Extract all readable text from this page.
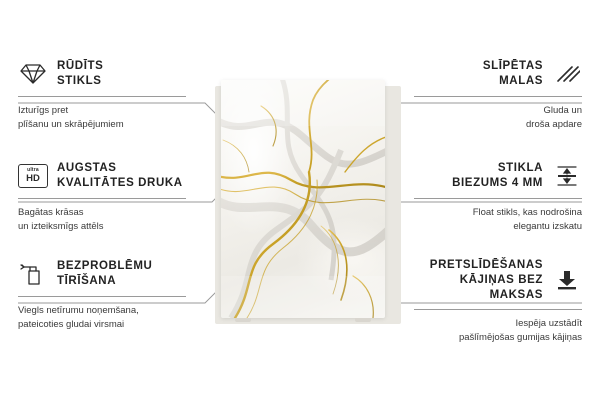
RŪDĪTS
STIKLS
Izturīgs pret
plīšanu un skrāpējumiem
ultra
HD
AUGSTAS
KVALITĀTES DRUKA
Bagātas krāsas
un izteiksmīgs attēls
BEZPROBLĒMU
TĪRĪŠANA
Viegls netīrumu noņemšana,
pateicoties gludai virsmai
SLĪPĒTAS
MALAS
Gluda un
droša apdare
STIKLA
BIEZUMS 4 MM
Float stikls, kas nodrošina
elegantu izskatu
PRETSLĪDĒŠANAS
KĀJIŅAS BEZ MAKSAS
Iespēja uzstādīt
pašlīmējošas gumijas kājiņas
